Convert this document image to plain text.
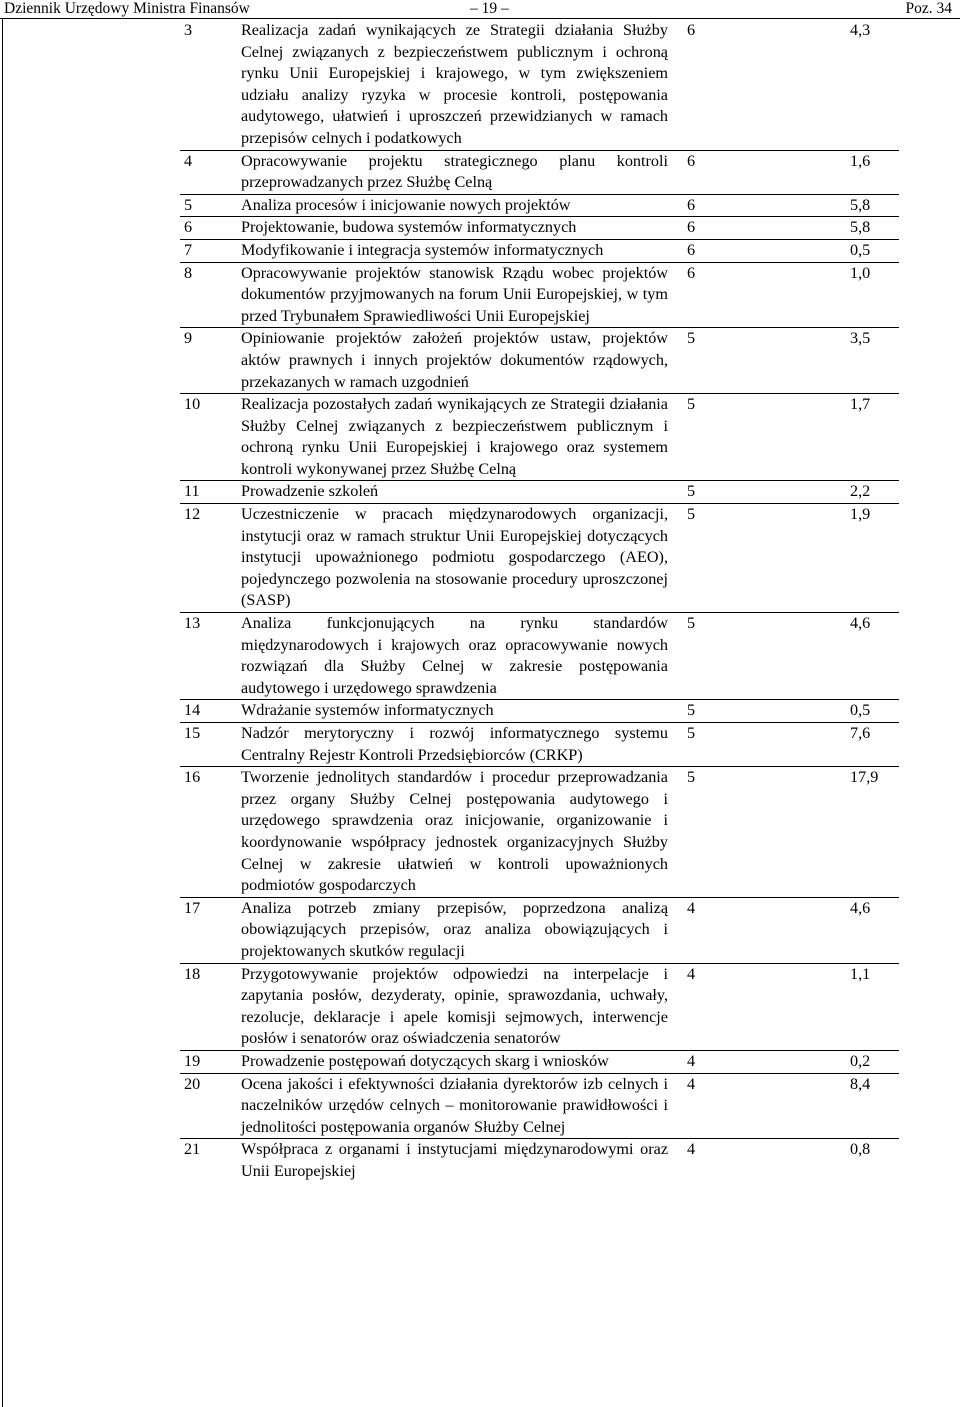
Dziennik Urzędowy Ministra Finansów	– 19 –	Poz. 34
3	Realizacja zadań wynikających ze Strategii działania Służby Celnej związanych z bezpieczeństwem publicznym i ochroną rynku Unii Europejskiej i krajowego, w tym zwiększeniem udziału analizy ryzyka w procesie kontroli, postępowania audytowego, ułatwień i uproszczeń przewidzianych w ramach przepisów celnych i podatkowych	6	4,3
4	Opracowywanie projektu strategicznego planu kontroli przeprowadzanych przez Służbę Celną	6	1,6
5	Analiza procesów i inicjowanie nowych projektów	6	5,8
6	Projektowanie, budowa systemów informatycznych	6	5,8
7	Modyfikowanie i integracja systemów informatycznych	6	0,5
8	Opracowywanie projektów stanowisk Rządu wobec projektów dokumentów przyjmowanych na forum Unii Europejskiej, w tym przed Trybunałem Sprawiedliwości Unii Europejskiej	6	1,0
9	Opiniowanie projektów założeń projektów ustaw, projektów aktów prawnych i innych projektów dokumentów rządowych, przekazanych w ramach uzgodnień	5	3,5
10	Realizacja pozostałych zadań wynikających ze Strategii działania Służby Celnej związanych z bezpieczeństwem publicznym i ochroną rynku Unii Europejskiej i krajowego oraz systemem kontroli wykonywanej przez Służbę Celną	5	1,7
11	Prowadzenie szkoleń	5	2,2
12	Uczestniczenie w pracach międzynarodowych organizacji, instytucji oraz w ramach struktur Unii Europejskiej dotyczących instytucji upoważnionego podmiotu gospodarczego (AEO), pojedynczego pozwolenia na stosowanie procedury uproszczonej (SASP)	5	1,9
13	Analiza funkcjonujących na rynku standardów międzynarodowych i krajowych oraz opracowywanie nowych rozwiązań dla Służby Celnej w zakresie postępowania audytowego i urzędowego sprawdzenia	5	4,6
14	Wdrażanie systemów informatycznych	5	0,5
15	Nadzór merytoryczny i rozwój informatycznego systemu Centralny Rejestr Kontroli Przedsiębiorców (CRKP)	5	7,6
16	Tworzenie jednolitych standardów i procedur przeprowadzania przez organy Służby Celnej postępowania audytowego i urzędowego sprawdzenia oraz inicjowanie, organizowanie i koordynowanie współpracy jednostek organizacyjnych Służby Celnej w zakresie ułatwień w kontroli upoważnionych podmiotów gospodarczych	5	17,9
17	Analiza potrzeb zmiany przepisów, poprzedzona analizą obowiązujących przepisów, oraz analiza obowiązujących i projektowanych skutków regulacji	4	4,6
18	Przygotowywanie projektów odpowiedzi na interpelacje i zapytania posłów, dezyderaty, opinie, sprawozdania, uchwały, rezolucje, deklaracje i apele komisji sejmowych, interwencje posłów i senatorów oraz oświadczenia senatorów	4	1,1
19	Prowadzenie postępowań dotyczących skarg i wniosków	4	0,2
20	Ocena jakości i efektywności działania dyrektorów izb celnych i naczelników urzędów celnych – monitorowanie prawidłowości i jednolitości postępowania organów Służby Celnej	4	8,4
21	Współpraca z organami i instytucjami międzynarodowymi oraz Unii Europejskiej	4	0,8
